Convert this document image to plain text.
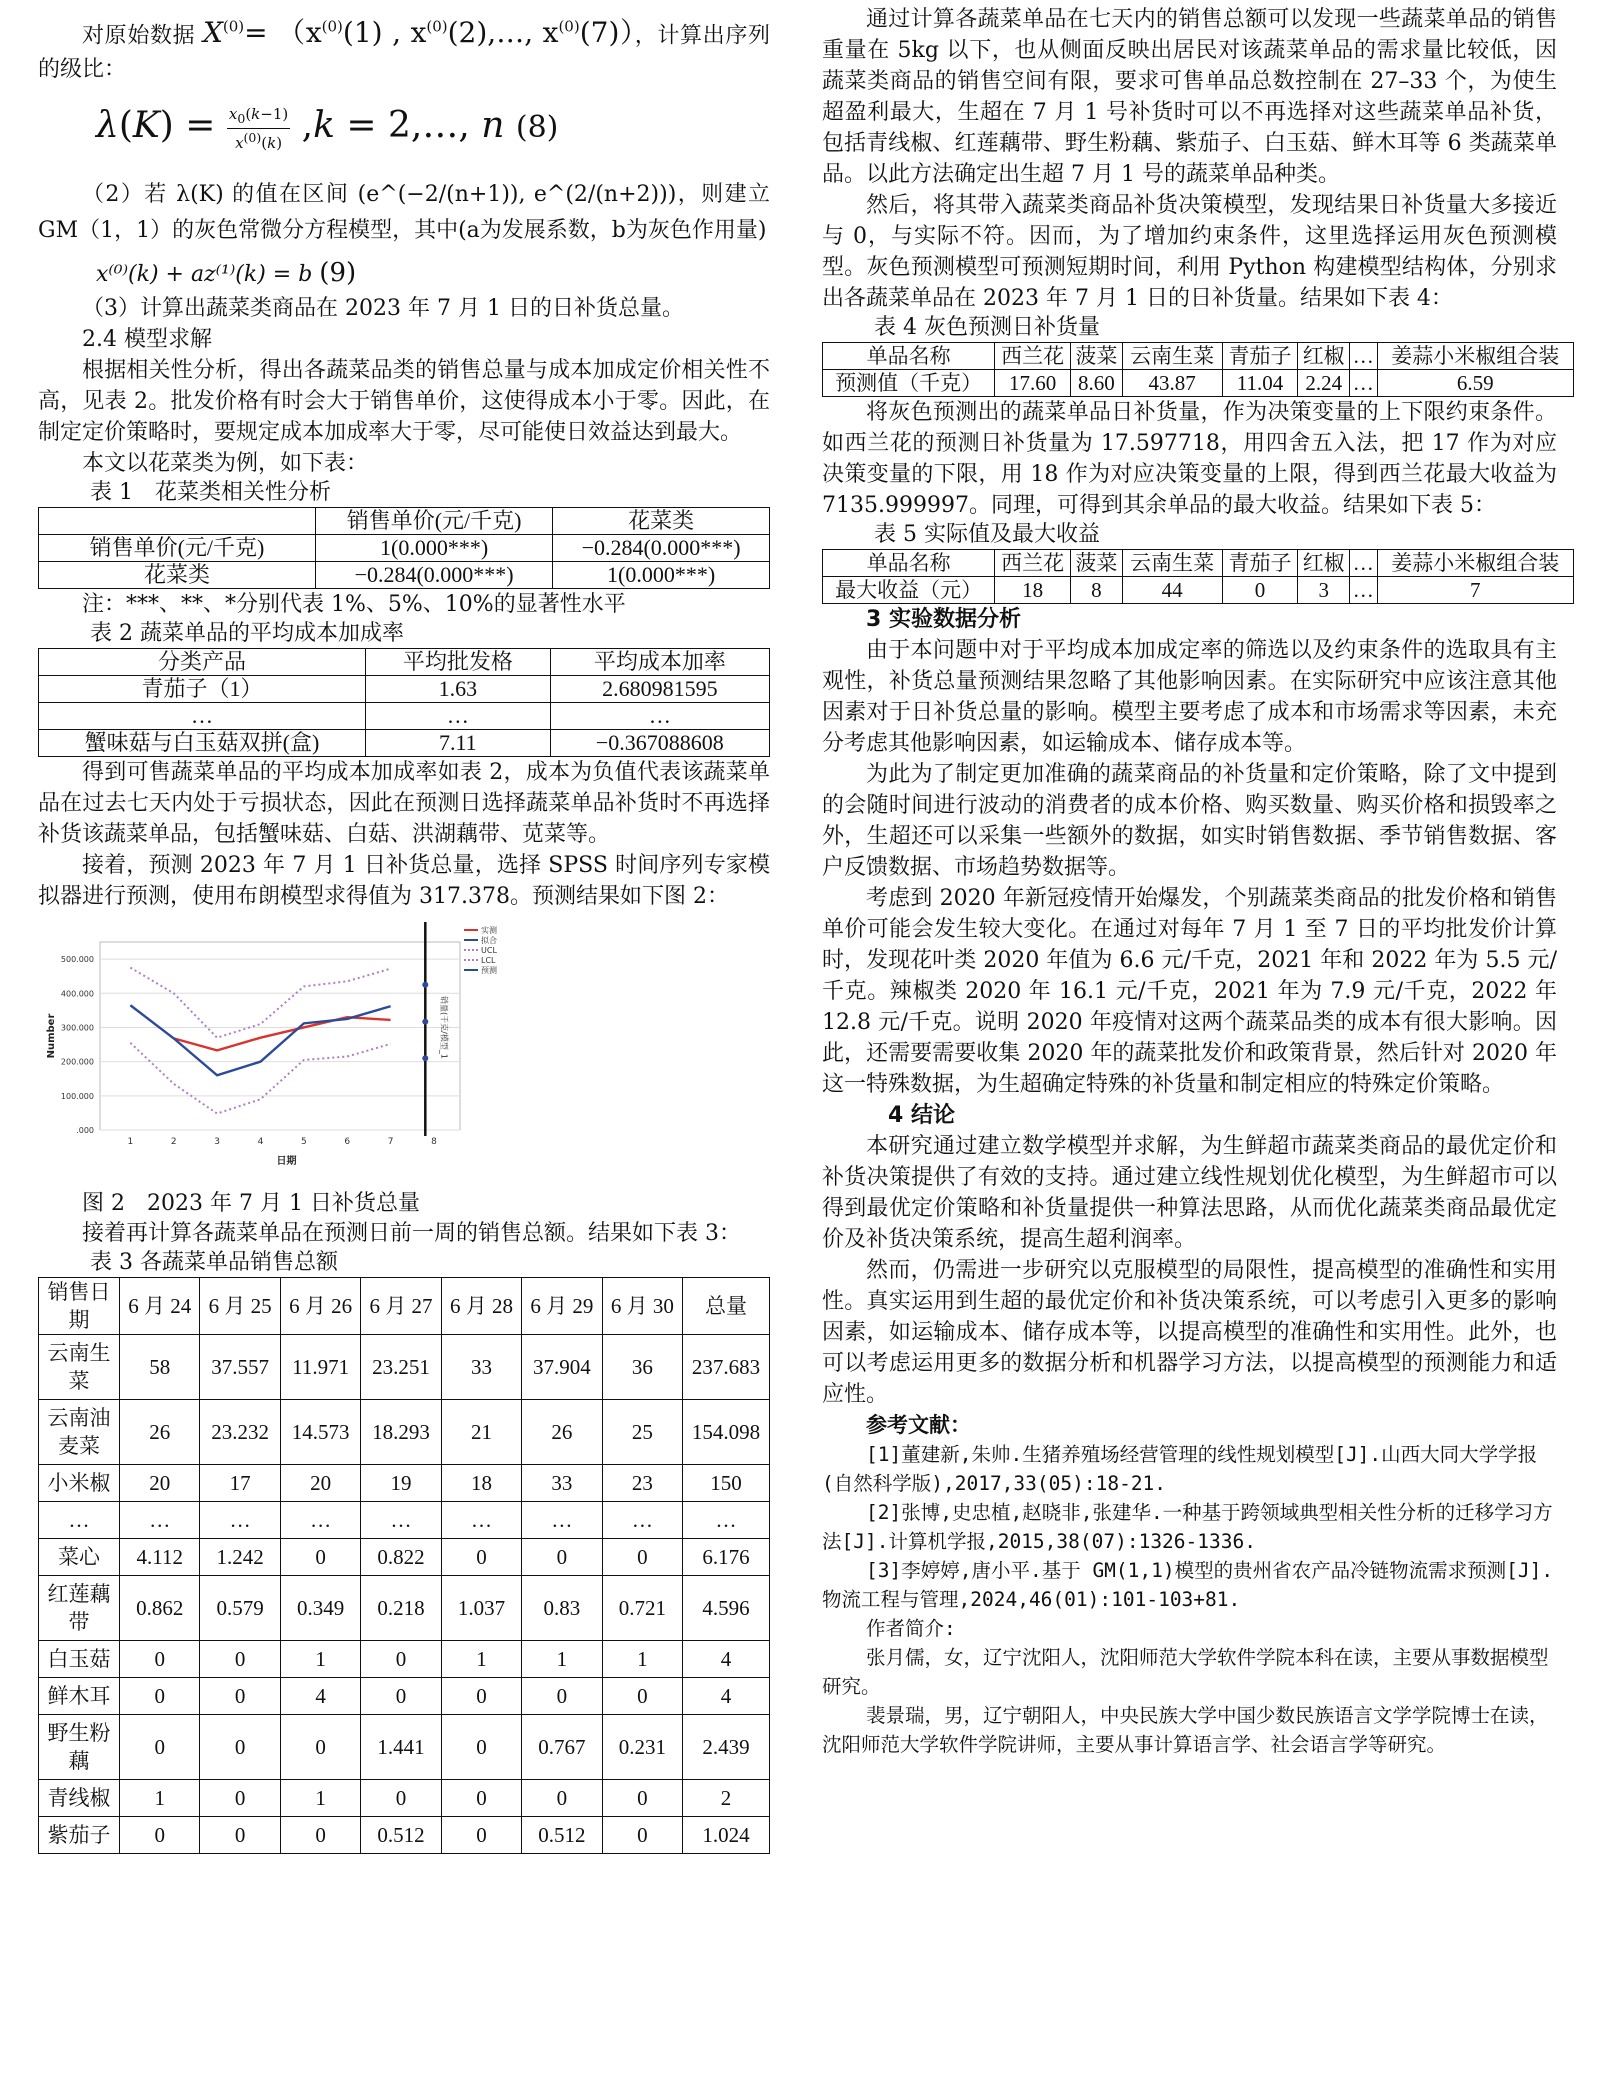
对原始数据 $X^{(0)}= (x^{(0)}(1)$ , $x^{(0)}(2),\dots$, $x^{(0)}(7)$），计算出序列的级比：

$\lambda(K) = \frac{x_0(k-1)}{x^{(0)}(k)} ,k$ = 2,…, n (8)

（2）若 λ(K) 的值在区间 (e^(−2/(n+1)), e^(2/(n+2)))，则建立 GM（1，1）的灰色常微分方程模型，其中(a为发展系数，b为灰色作用量)

x⁽⁰⁾(k) + az⁽¹⁾(k) = b (9)

（3）计算出蔬菜类商品在 2023 年 7 月 1 日的日补货总量。

2.4 模型求解

根据相关性分析，得出各蔬菜品类的销售总量与成本加成定价相关性不高，见表 2。批发价格有时会大于销售单价，这使得成本小于零。因此，在制定定价策略时，要规定成本加成率大于零，尽可能使日效益达到最大。

本文以花菜类为例，如下表：

表 1　花菜类相关性分析

	销售单价(元/千克)	花菜类
销售单价(元/千克)	1(0.000***)	−0.284(0.000***)
花菜类	−0.284(0.000***)	1(0.000***)

注：***、**、*分别代表 1%、5%、10%的显著性水平

表 2 蔬菜单品的平均成本加成率

分类产品	平均批发格	平均成本加率
青茄子（1）	1.63	2.680981595
…	…	…
蟹味菇与白玉菇双拼(盒)	7.11	−0.367088608

得到可售蔬菜单品的平均成本加成率如表 2，成本为负值代表该蔬菜单品在过去七天内处于亏损状态，因此在预测日选择蔬菜单品补货时不再选择补货该蔬菜单品，包括蟹味菇、白菇、洪湖藕带、苋菜等。

接着，预测 2023 年 7 月 1 日补货总量，选择 SPSS 时间序列专家模拟器进行预测，使用布朗模型求得值为 317.378。预测结果如下图 2：

.000
100.000
200.000
300.000
400.000
500.000
1	2	3	4	5	6	7	8
日期
Number	销量(千克/模型_1
实测
拟合
UCL
LCL
预测

图 2　2023 年 7 月 1 日补货总量

接着再计算各蔬菜单品在预测日前一周的销售总额。结果如下表 3：

表 3 各蔬菜单品销售总额

销售日期	6 月 24	6 月 25	6 月 26	6 月 27	6 月 28	6 月 29	6 月 30	总量
云南生菜	58	37.557	11.971	23.251	33	37.904	36	237.683
云南油麦菜	26	23.232	14.573	18.293	21	26	25	154.098
小米椒	20	17	20	19	18	33	23	150
…	…	…	…	…	…	…	…	…
菜心	4.112	1.242	0	0.822	0	0	0	6.176
红莲藕带	0.862	0.579	0.349	0.218	1.037	0.83	0.721	4.596
白玉菇	0	0	1	0	1	1	1	4
鲜木耳	0	0	4	0	0	0	0	4
野生粉藕	0	0	0	1.441	0	0.767	0.231	2.439
青线椒	1	0	1	0	0	0	0	2
紫茄子	0	0	0	0.512	0	0.512	0	1.024

通过计算各蔬菜单品在七天内的销售总额可以发现一些蔬菜单品的销售重量在 5kg 以下，也从侧面反映出居民对该蔬菜单品的需求量比较低，因蔬菜类商品的销售空间有限，要求可售单品总数控制在 27–33 个，为使生超盈利最大，生超在 7 月 1 号补货时可以不再选择对这些蔬菜单品补货，包括青线椒、红莲藕带、野生粉藕、紫茄子、白玉菇、鲜木耳等 6 类蔬菜单品。以此方法确定出生超 7 月 1 号的蔬菜单品种类。

然后，将其带入蔬菜类商品补货决策模型，发现结果日补货量大多接近与 0，与实际不符。因而，为了增加约束条件，这里选择运用灰色预测模型。灰色预测模型可预测短期时间，利用 Python 构建模型结构体，分别求出各蔬菜单品在 2023 年 7 月 1 日的日补货量。结果如下表 4：

表 4 灰色预测日补货量

单品名称	西兰花	菠菜	云南生菜	青茄子	红椒	…	姜蒜小米椒组合装
预测值（千克）	17.60	8.60	43.87	11.04	2.24	…	6.59

将灰色预测出的蔬菜单品日补货量，作为决策变量的上下限约束条件。如西兰花的预测日补货量为 17.597718，用四舍五入法，把 17 作为对应决策变量的下限，用 18 作为对应决策变量的上限，得到西兰花最大收益为 7135.999997。同理，可得到其余单品的最大收益。结果如下表 5：

表 5 实际值及最大收益

单品名称	西兰花	菠菜	云南生菜	青茄子	红椒	…	姜蒜小米椒组合装
最大收益（元）	18	8	44	0	3	…	7

3 实验数据分析

由于本问题中对于平均成本加成定率的筛选以及约束条件的选取具有主观性，补货总量预测结果忽略了其他影响因素。在实际研究中应该注意其他因素对于日补货总量的影响。模型主要考虑了成本和市场需求等因素，未充分考虑其他影响因素，如运输成本、储存成本等。

为此为了制定更加准确的蔬菜商品的补货量和定价策略，除了文中提到的会随时间进行波动的消费者的成本价格、购买数量、购买价格和损毁率之外，生超还可以采集一些额外的数据，如实时销售数据、季节销售数据、客户反馈数据、市场趋势数据等。

考虑到 2020 年新冠疫情开始爆发，个别蔬菜类商品的批发价格和销售单价可能会发生较大变化。在通过对每年 7 月 1 至 7 日的平均批发价计算时，发现花叶类 2020 年值为 6.6 元/千克，2021 年和 2022 年为 5.5 元/千克。辣椒类 2020 年 16.1 元/千克，2021 年为 7.9 元/千克，2022 年 12.8 元/千克。说明 2020 年疫情对这两个蔬菜品类的成本有很大影响。因此，还需要需要收集 2020 年的蔬菜批发价和政策背景，然后针对 2020 年这一特殊数据，为生超确定特殊的补货量和制定相应的特殊定价策略。

4 结论

本研究通过建立数学模型并求解，为生鲜超市蔬菜类商品的最优定价和补货决策提供了有效的支持。通过建立线性规划优化模型，为生鲜超市可以得到最优定价策略和补货量提供一种算法思路，从而优化蔬菜类商品最优定价及补货决策系统，提高生超利润率。

然而，仍需进一步研究以克服模型的局限性，提高模型的准确性和实用性。真实运用到生超的最优定价和补货决策系统，可以考虑引入更多的影响因素，如运输成本、储存成本等，以提高模型的准确性和实用性。此外，也可以考虑运用更多的数据分析和机器学习方法，以提高模型的预测能力和适应性。

参考文献：

[1]董建新,朱帅.生猪养殖场经营管理的线性规划模型[J].山西大同大学学报(自然科学版),2017,33(05):18-21.

[2]张博,史忠植,赵晓非,张建华.一种基于跨领域典型相关性分析的迁移学习方法[J].计算机学报,2015,38(07):1326-1336.

[3]李婷婷,唐小平.基于 GM(1,1)模型的贵州省农产品冷链物流需求预测[J].物流工程与管理,2024,46(01):101-103+81.

作者简介:

张月儒，女，辽宁沈阳人，沈阳师范大学软件学院本科在读，主要从事数据模型研究。

裴景瑞，男，辽宁朝阳人，中央民族大学中国少数民族语言文学学院博士在读，沈阳师范大学软件学院讲师，主要从事计算语言学、社会语言学等研究。
